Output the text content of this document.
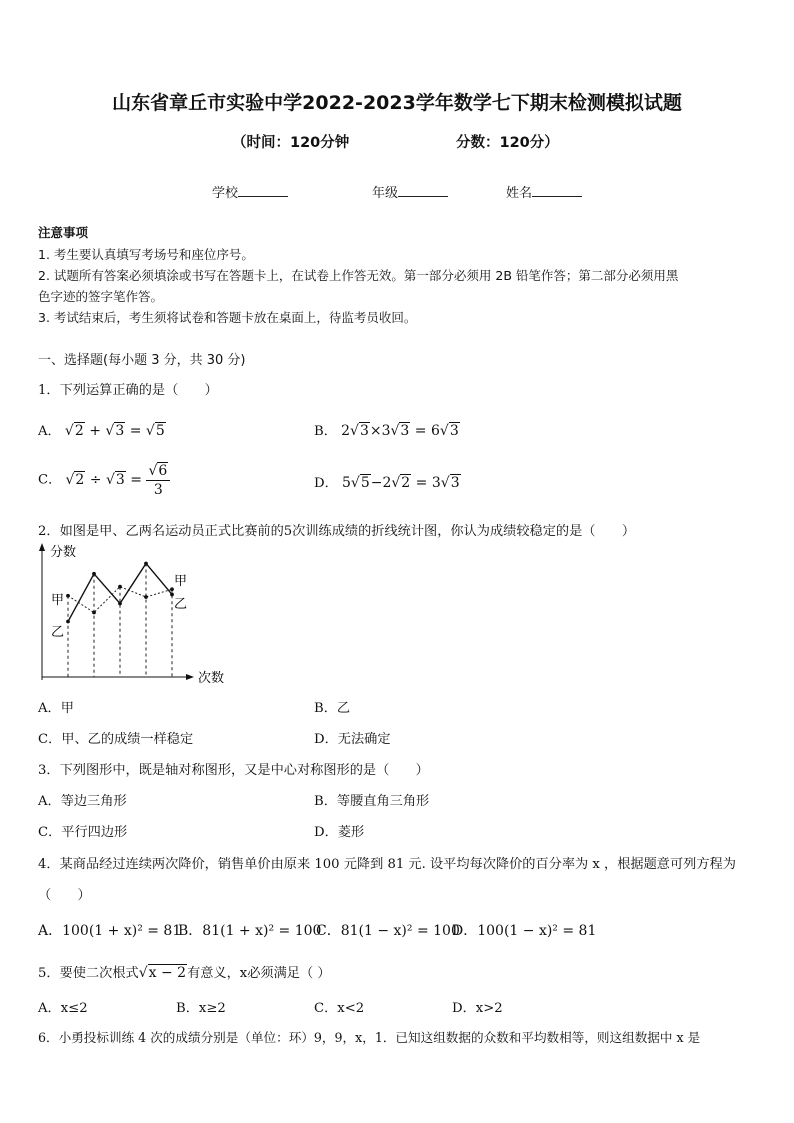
山东省章丘市实验中学2022-2023学年数学七下期末检测模拟试题
（时间：120分钟	分数：120分）
学校	年级	姓名
注意事项
1. 考生要认真填写考场号和座位序号。
2. 试题所有答案必须填涂或书写在答题卡上，在试卷上作答无效。第一部分必须用 2B 铅笔作答；第二部分必须用黑
色字迹的签字笔作答。
3. 考试结束后，考生须将试卷和答题卡放在桌面上，待监考员收回。
一、选择题(每小题 3 分，共 30 分)
1．下列运算正确的是（　　）
A． √2 + √3 = √5	B． 2√3×3√3 = 6√3
C． $√2 \div √3 = \frac{√6}{3}$	D． 5√5−2√2 = 3√3
2．如图是甲、乙两名运动员正式比赛前的5次训练成绩的折线统计图，你认为成绩较稳定的是（　　）
分数
次数
甲
乙
甲
乙
A．甲	B．乙
C．甲、乙的成绩一样稳定	D．无法确定
3．下列图形中，既是轴对称图形，又是中心对称图形的是（　　）
A．等边三角形	B．等腰直角三角形
C．平行四边形	D．菱形
4．某商品经过连续两次降价，销售单价由原来 100 元降到 81 元. 设平均每次降价的百分率为 x ，根据题意可列方程为
（　　）
A．100(1 + x)² = 81
B．81(1 + x)² = 100
C．81(1 − x)² = 100
D．100(1 − x)² = 81
5．要使二次根式√x − 2有意义，x必须满足（ ）
A．x≤2	B．x≥2	C．x<2	D．x>2
6．小勇投标训练 4 次的成绩分别是（单位：环）9，9，x，1．已知这组数据的众数和平均数相等，则这组数据中 x 是
